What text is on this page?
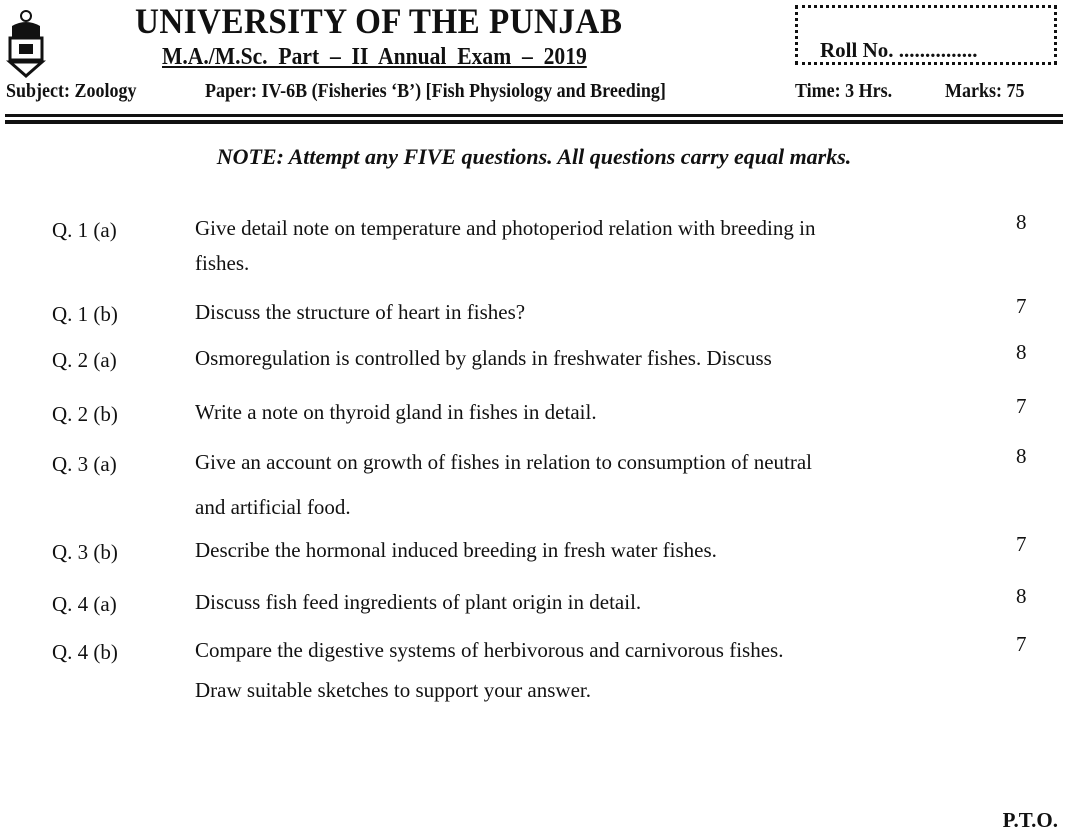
UNIVERSITY OF THE PUNJAB
M.A./M.Sc. Part – II Annual Exam – 2019	Roll No. ...............
Subject: Zoology	Paper: IV-6B (Fisheries ‘B’) [Fish Physiology and Breeding]	Time: 3 Hrs.	Marks: 75
NOTE: Attempt any FIVE questions. All questions carry equal marks.
Q. 1 (a)	Give detail note on temperature and photoperiod relation with breeding in
fishes.
8
Q. 1 (b)	Discuss the structure of heart in fishes?	7
Q. 2 (a)	Osmoregulation is controlled by glands in freshwater fishes. Discuss	8
Q. 2 (b)	Write a note on thyroid gland in fishes in detail.	7
Q. 3 (a)	Give an account on growth of fishes in relation to consumption of neutral
and artificial food.
8
Q. 3 (b)	Describe the hormonal induced breeding in fresh water fishes.	7
Q. 4 (a)	Discuss fish feed ingredients of plant origin in detail.	8
Q. 4 (b)	Compare the digestive systems of herbivorous and carnivorous fishes.
Draw suitable sketches to support your answer.
7
P.T.O.
